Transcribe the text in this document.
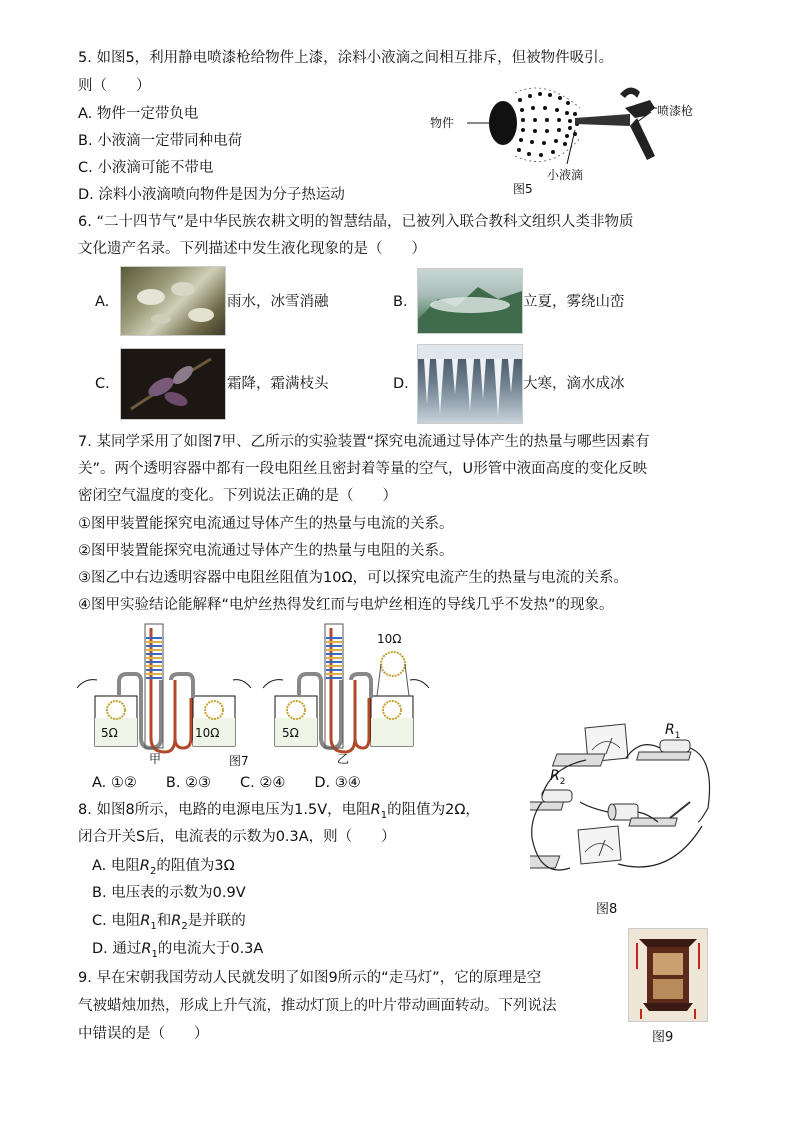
5. 如图5，利用静电喷漆枪给物件上漆，涂料小液滴之间相互排斥，但被物件吸引。
则（　　）
A. 物件一定带负电
B. 小液滴一定带同种电荷
C. 小液滴可能不带电
D. 涂料小液滴喷向物件是因为分子热运动
物件
喷漆枪
小液滴
图5
6. “二十四节气”是中华民族农耕文明的智慧结晶，已被列入联合教科文组织人类非物质
文化遗产名录。下列描述中发生液化现象的是（　　）
A.	雨水，冰雪消融	B.	立夏，雾绕山峦
C.	霜降，霜满枝头	D.	大寒，滴水成冰
7. 某同学采用了如图7甲、乙所示的实验装置“探究电流通过导体产生的热量与哪些因素有
关”。两个透明容器中都有一段电阻丝且密封着等量的空气，U形管中液面高度的变化反映
密闭空气温度的变化。下列说法正确的是（　　）
①图甲装置能探究电流通过导体产生的热量与电流的关系。
②图甲装置能探究电流通过导体产生的热量与电阻的关系。
③图乙中右边透明容器中电阻丝阻值为10Ω，可以探究电流产生的热量与电流的关系。
④图甲实验结论能解释“电炉丝热得发红而与电炉丝相连的导线几乎不发热”的现象。
5Ω	10Ω
甲	图7
5Ω
10Ω
乙
A. ①②　　B. ②③　　C. ②④　　D. ③④
8. 如图8所示，电路的电源电压为1.5V，电阻$R_1$的阻值为2Ω，
闭合开关S后，电流表的示数为0.3A，则（　　）
A. 电阻$R_2$的阻值为3Ω
B. 电压表的示数为0.9V
C. 电阻$R_1$和$R_2$是并联的
D. 通过$R_1$的电流大于0.3A
$R_1$
$R_2$
图8
9. 早在宋朝我国劳动人民就发明了如图9所示的“走马灯”，它的原理是空
气被蜡烛加热，形成上升气流，推动灯顶上的叶片带动画面转动。下列说法
中错误的是（　　）	图9
